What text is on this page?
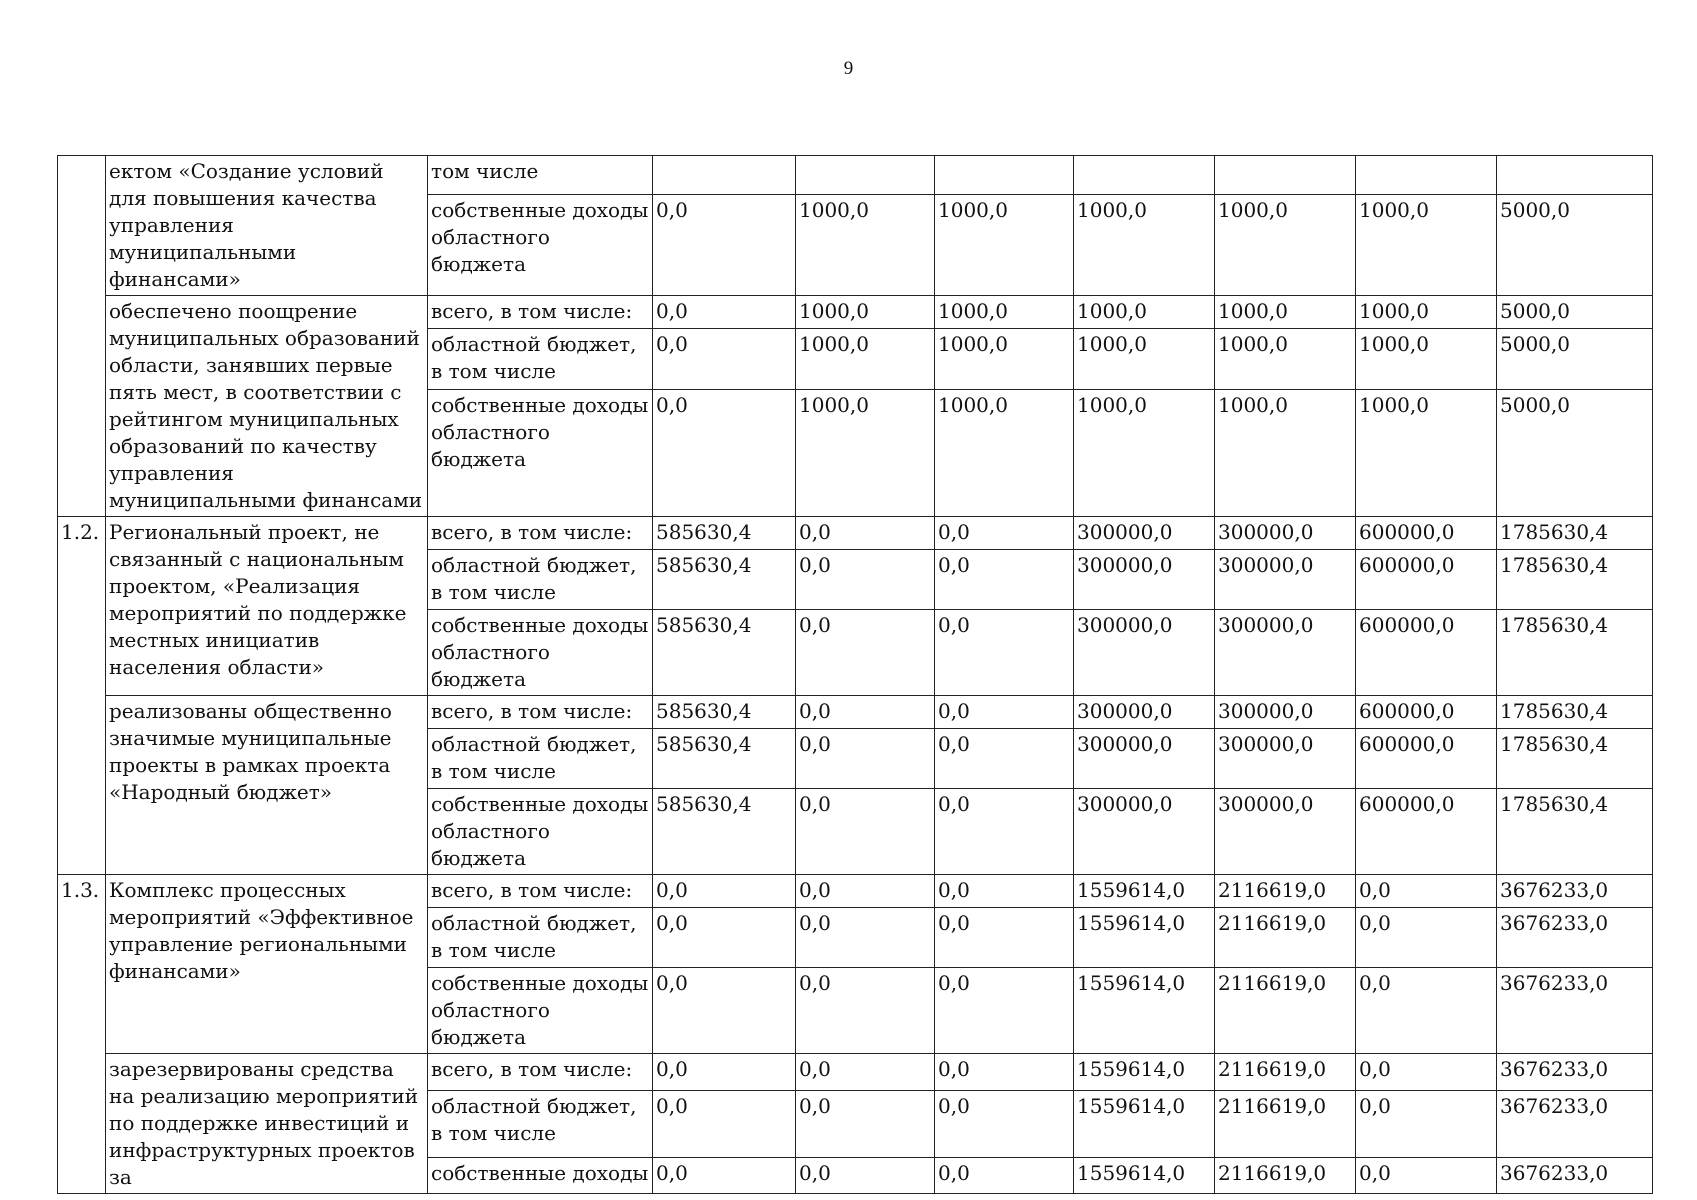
9
	ектом «Создание условий для повышения качества управления муниципальными финансами»	том числе							
		собственные доходы областного бюджета	0,0	1000,0	1000,0	1000,0	1000,0	1000,0	5000,0
	обеспечено поощрение муниципальных образований области, занявших первые пять мест, в соответствии с рейтингом муниципальных образований по качеству управления муниципальными финансами	всего, в том числе:	0,0	1000,0	1000,0	1000,0	1000,0	1000,0	5000,0
		областной бюджет, в том числе	0,0	1000,0	1000,0	1000,0	1000,0	1000,0	5000,0
		собственные доходы областного бюджета	0,0	1000,0	1000,0	1000,0	1000,0	1000,0	5000,0
1.2.	Региональный проект, не связанный с национальным проектом, «Реализация мероприятий по поддержке местных инициатив населения области»	всего, в том числе:	585630,4	0,0	0,0	300000,0	300000,0	600000,0	1785630,4
		областной бюджет, в том числе	585630,4	0,0	0,0	300000,0	300000,0	600000,0	1785630,4
		собственные доходы областного бюджета	585630,4	0,0	0,0	300000,0	300000,0	600000,0	1785630,4
	реализованы общественно значимые муниципальные проекты в рамках проекта «Народный бюджет»	всего, в том числе:	585630,4	0,0	0,0	300000,0	300000,0	600000,0	1785630,4
		областной бюджет, в том числе	585630,4	0,0	0,0	300000,0	300000,0	600000,0	1785630,4
		собственные доходы областного бюджета	585630,4	0,0	0,0	300000,0	300000,0	600000,0	1785630,4
1.3.	Комплекс процессных мероприятий «Эффективное управление региональными финансами»	всего, в том числе:	0,0	0,0	0,0	1559614,0	2116619,0	0,0	3676233,0
		областной бюджет, в том числе	0,0	0,0	0,0	1559614,0	2116619,0	0,0	3676233,0
		собственные доходы областного бюджета	0,0	0,0	0,0	1559614,0	2116619,0	0,0	3676233,0
	зарезервированы средства на реализацию мероприятий по поддержке инвестиций и инфраструктурных проектов за	всего, в том числе:	0,0	0,0	0,0	1559614,0	2116619,0	0,0	3676233,0
		областной бюджет, в том числе	0,0	0,0	0,0	1559614,0	2116619,0	0,0	3676233,0
		собственные доходы	0,0	0,0	0,0	1559614,0	2116619,0	0,0	3676233,0
